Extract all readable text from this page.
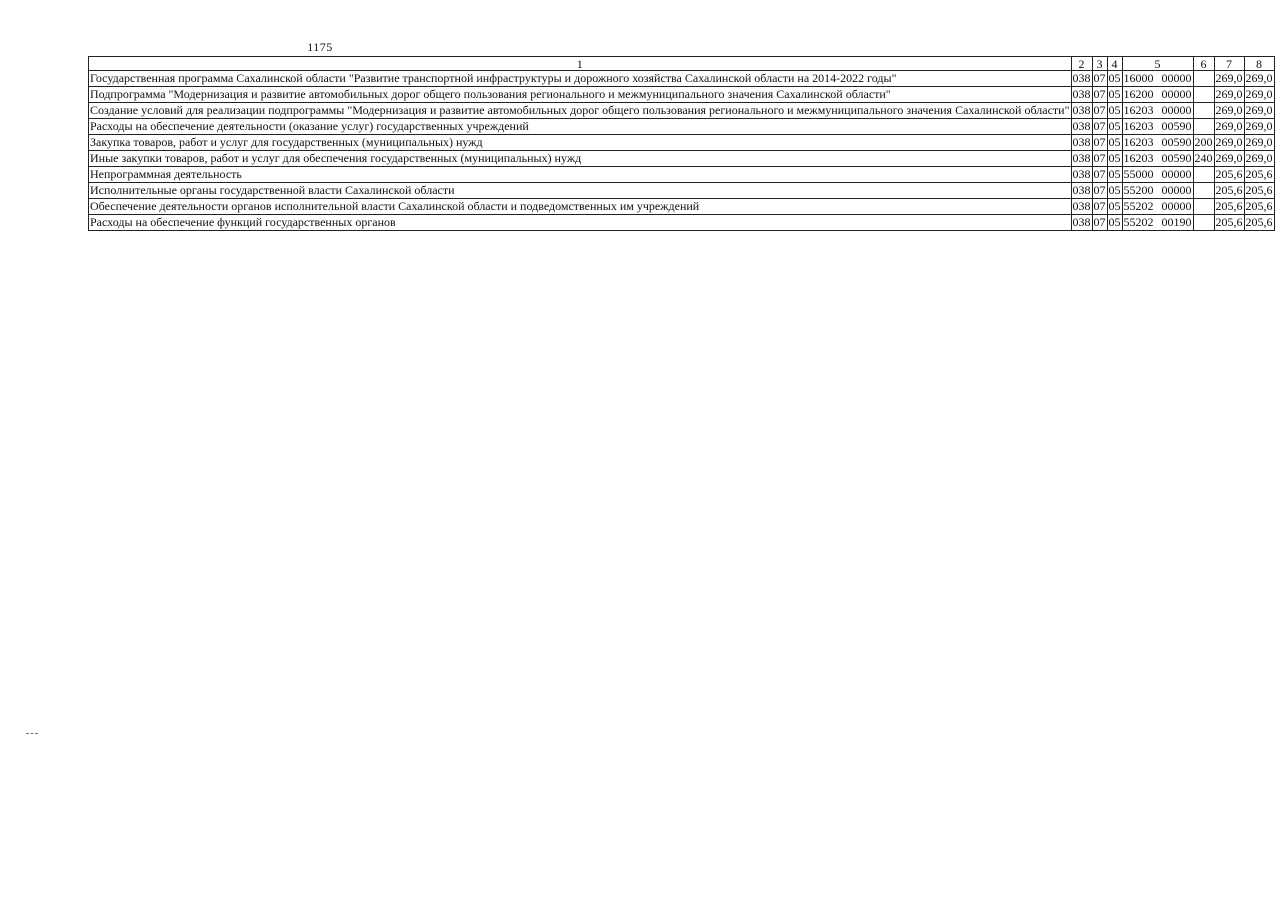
1175
1	2	3	4	5	6	7	8
Государственная программа Сахалинской области "Развитие транспортной инфраструктуры и дорожного хозяйства Сахалинской области на 2014-2022 годы"	038	07	05	16000 00000		269,0	269,0
Подпрограмма "Модернизация и развитие автомобильных дорог общего пользования регионального и межмуниципального значения Сахалинской области"	038	07	05	16200 00000		269,0	269,0
Создание условий для реализации подпрограммы "Модернизация и развитие автомобильных дорог общего пользования регионального и межмуниципального значения Сахалинской области"	038	07	05	16203 00000		269,0	269,0
Расходы на обеспечение деятельности (оказание услуг) государственных учреждений	038	07	05	16203 00590		269,0	269,0
Закупка товаров, работ и услуг для государственных (муниципальных) нужд	038	07	05	16203 00590	200	269,0	269,0
Иные закупки товаров, работ и услуг для обеспечения государственных (муниципальных) нужд	038	07	05	16203 00590	240	269,0	269,0
Непрограммная деятельность	038	07	05	55000 00000		205,6	205,6
Исполнительные органы государственной власти Сахалинской области	038	07	05	55200 00000		205,6	205,6
Обеспечение деятельности органов исполнительной власти Сахалинской области и подведомственных им учреждений	038	07	05	55202 00000		205,6	205,6
Расходы на обеспечение функций государственных органов	038	07	05	55202 00190		205,6	205,6
